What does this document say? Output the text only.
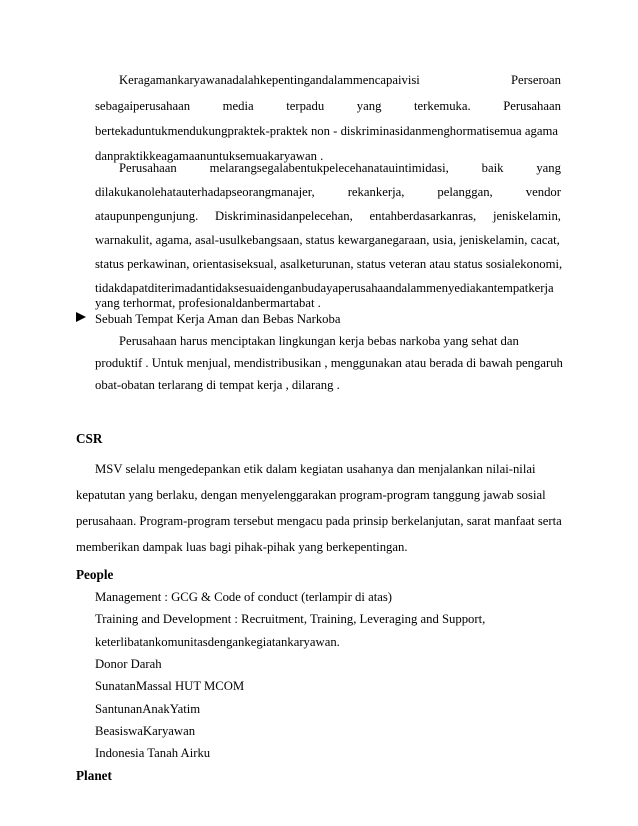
Keragamankaryawanadalahkepentingandalammencapaivisi	Perseroan
sebagaiperusahaan	media	terpadu	yang	terkemuka.	Perusahaan
bertekaduntukmendukungpraktek-praktek non - diskriminasidanmenghormatisemua agama
danpraktikkeagamaanuntuksemuakaryawan .
Perusahaan	melarangsegalabentukpelecehanatauintimidasi,	baik	yang
dilakukanolehatauterhadapseorangmanajer,	rekankerja,	pelanggan,	vendor
ataupunpengunjung. Diskriminasidanpelecehan, entahberdasarkanras, jeniskelamin,
warnakulit, agama, asal-usulkebangsaan, status kewarganegaraan, usia, jeniskelamin, cacat,
status perkawinan, orientasiseksual, asalketurunan, status veteran atau status sosialekonomi,
tidakdapatditerimadantidaksesuaidenganbudayaperusahaandalammenyediakantempatkerja
yang terhormat, profesionaldanbermartabat .
Sebuah Tempat Kerja Aman dan Bebas Narkoba
Perusahaan harus menciptakan lingkungan kerja bebas narkoba yang sehat dan
produktif . Untuk menjual, mendistribusikan , menggunakan atau berada di bawah pengaruh
obat-obatan terlarang di tempat kerja , dilarang .
CSR
MSV selalu mengedepankan etik dalam kegiatan usahanya dan menjalankan nilai-nilai
kepatutan yang berlaku, dengan menyelenggarakan program-program tanggung jawab sosial
perusahaan. Program-program tersebut mengacu pada prinsip berkelanjutan, sarat manfaat serta
memberikan dampak luas bagi pihak-pihak yang berkepentingan.
People
Management : GCG & Code of conduct (terlampir di atas)
Training and Development : Recruitment, Training, Leveraging and Support,
keterlibatankomunitasdengankegiatankaryawan.
Donor Darah
SunatanMassal HUT MCOM
SantunanAnakYatim
BeasiswaKaryawan
Indonesia Tanah Airku
Planet
